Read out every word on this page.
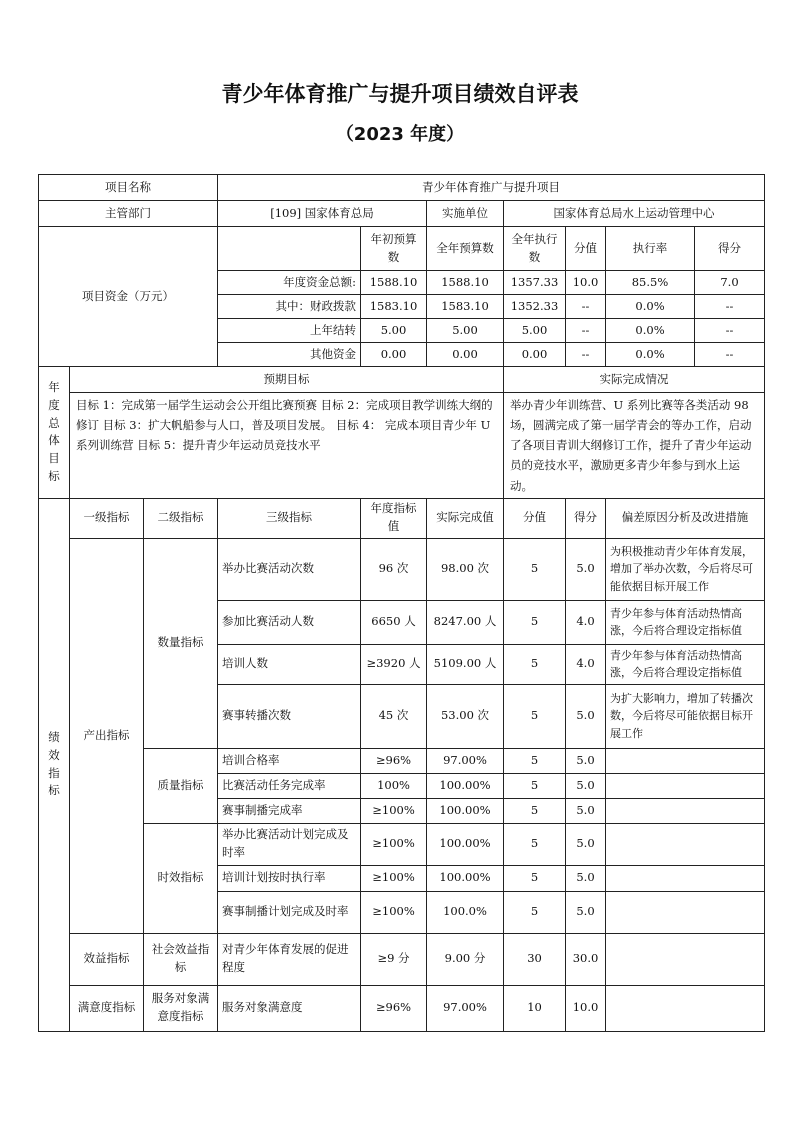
青少年体育推广与提升项目绩效自评表
（2023 年度）
项目名称			青少年体育推广与提升项目						
主管部门			[109] 国家体育总局		实施单位	国家体育总局水上运动管理中心			
项目资金（万元）				年初预算数	全年预算数	全年执行数	分值	执行率	得分
			年度资金总额:	1588.10	1588.10	1357.33	10.0	85.5%	7.0
			其中：财政拨款	1583.10	1583.10	1352.33	--	0.0%	--
			上年结转	5.00	5.00	5.00	--	0.0%	--
			其他资金	0.00	0.00	0.00	--	0.0%	--

年度总体目标	预期目标					实际完成情况			
	目标 1：完成第一届学生运动会公开组比赛预赛 目标 2：完成项目教学训练大纲的修订 目标 3：扩大帆船参与人口，普及项目发展。 目标 4： 完成本项目青少年 U 系列训练营 目标 5：提升青少年运动员竞技水平					举办青少年训练营、U 系列比赛等各类活动 98 场，圆满完成了第一届学青会的等办工作，启动了各项目青训大纲修订工作，提升了青少年运动员的竞技水平，激励更多青少年参与到水上运动。			

绩效指标	一级指标	二级指标	三级指标	年度指标值	实际完成值	分值	得分	偏差原因分析及改进措施	
	产出指标	数量指标	举办比赛活动次数	96 次	98.00 次	5	5.0	为积极推动青少年体育发展，增加了举办次数，今后将尽可能依据目标开展工作	
			参加比赛活动人数	6650 人	8247.00 人	5	4.0	青少年参与体育活动热情高涨，今后将合理设定指标值	
			培训人数	≥3920 人	5109.00 人	5	4.0	青少年参与体育活动热情高涨，今后将合理设定指标值	
			赛事转播次数	45 次	53.00 次	5	5.0	为扩大影响力，增加了转播次数，今后将尽可能依据目标开展工作	
		质量指标	培训合格率	≥96%	97.00%	5	5.0		
			比赛活动任务完成率	100%	100.00%	5	5.0		
			赛事制播完成率	≥100%	100.00%	5	5.0		
		时效指标	举办比赛活动计划完成及时率	≥100%	100.00%	5	5.0		
			培训计划按时执行率	≥100%	100.00%	5	5.0		
			赛事制播计划完成及时率	≥100%	100.0%	5	5.0		
	效益指标	社会效益指标	对青少年体育发展的促进程度	≥9 分	9.00 分	30	30.0		
	满意度指标	服务对象满意度指标	服务对象满意度	≥96%	97.00%	10	10.0		
